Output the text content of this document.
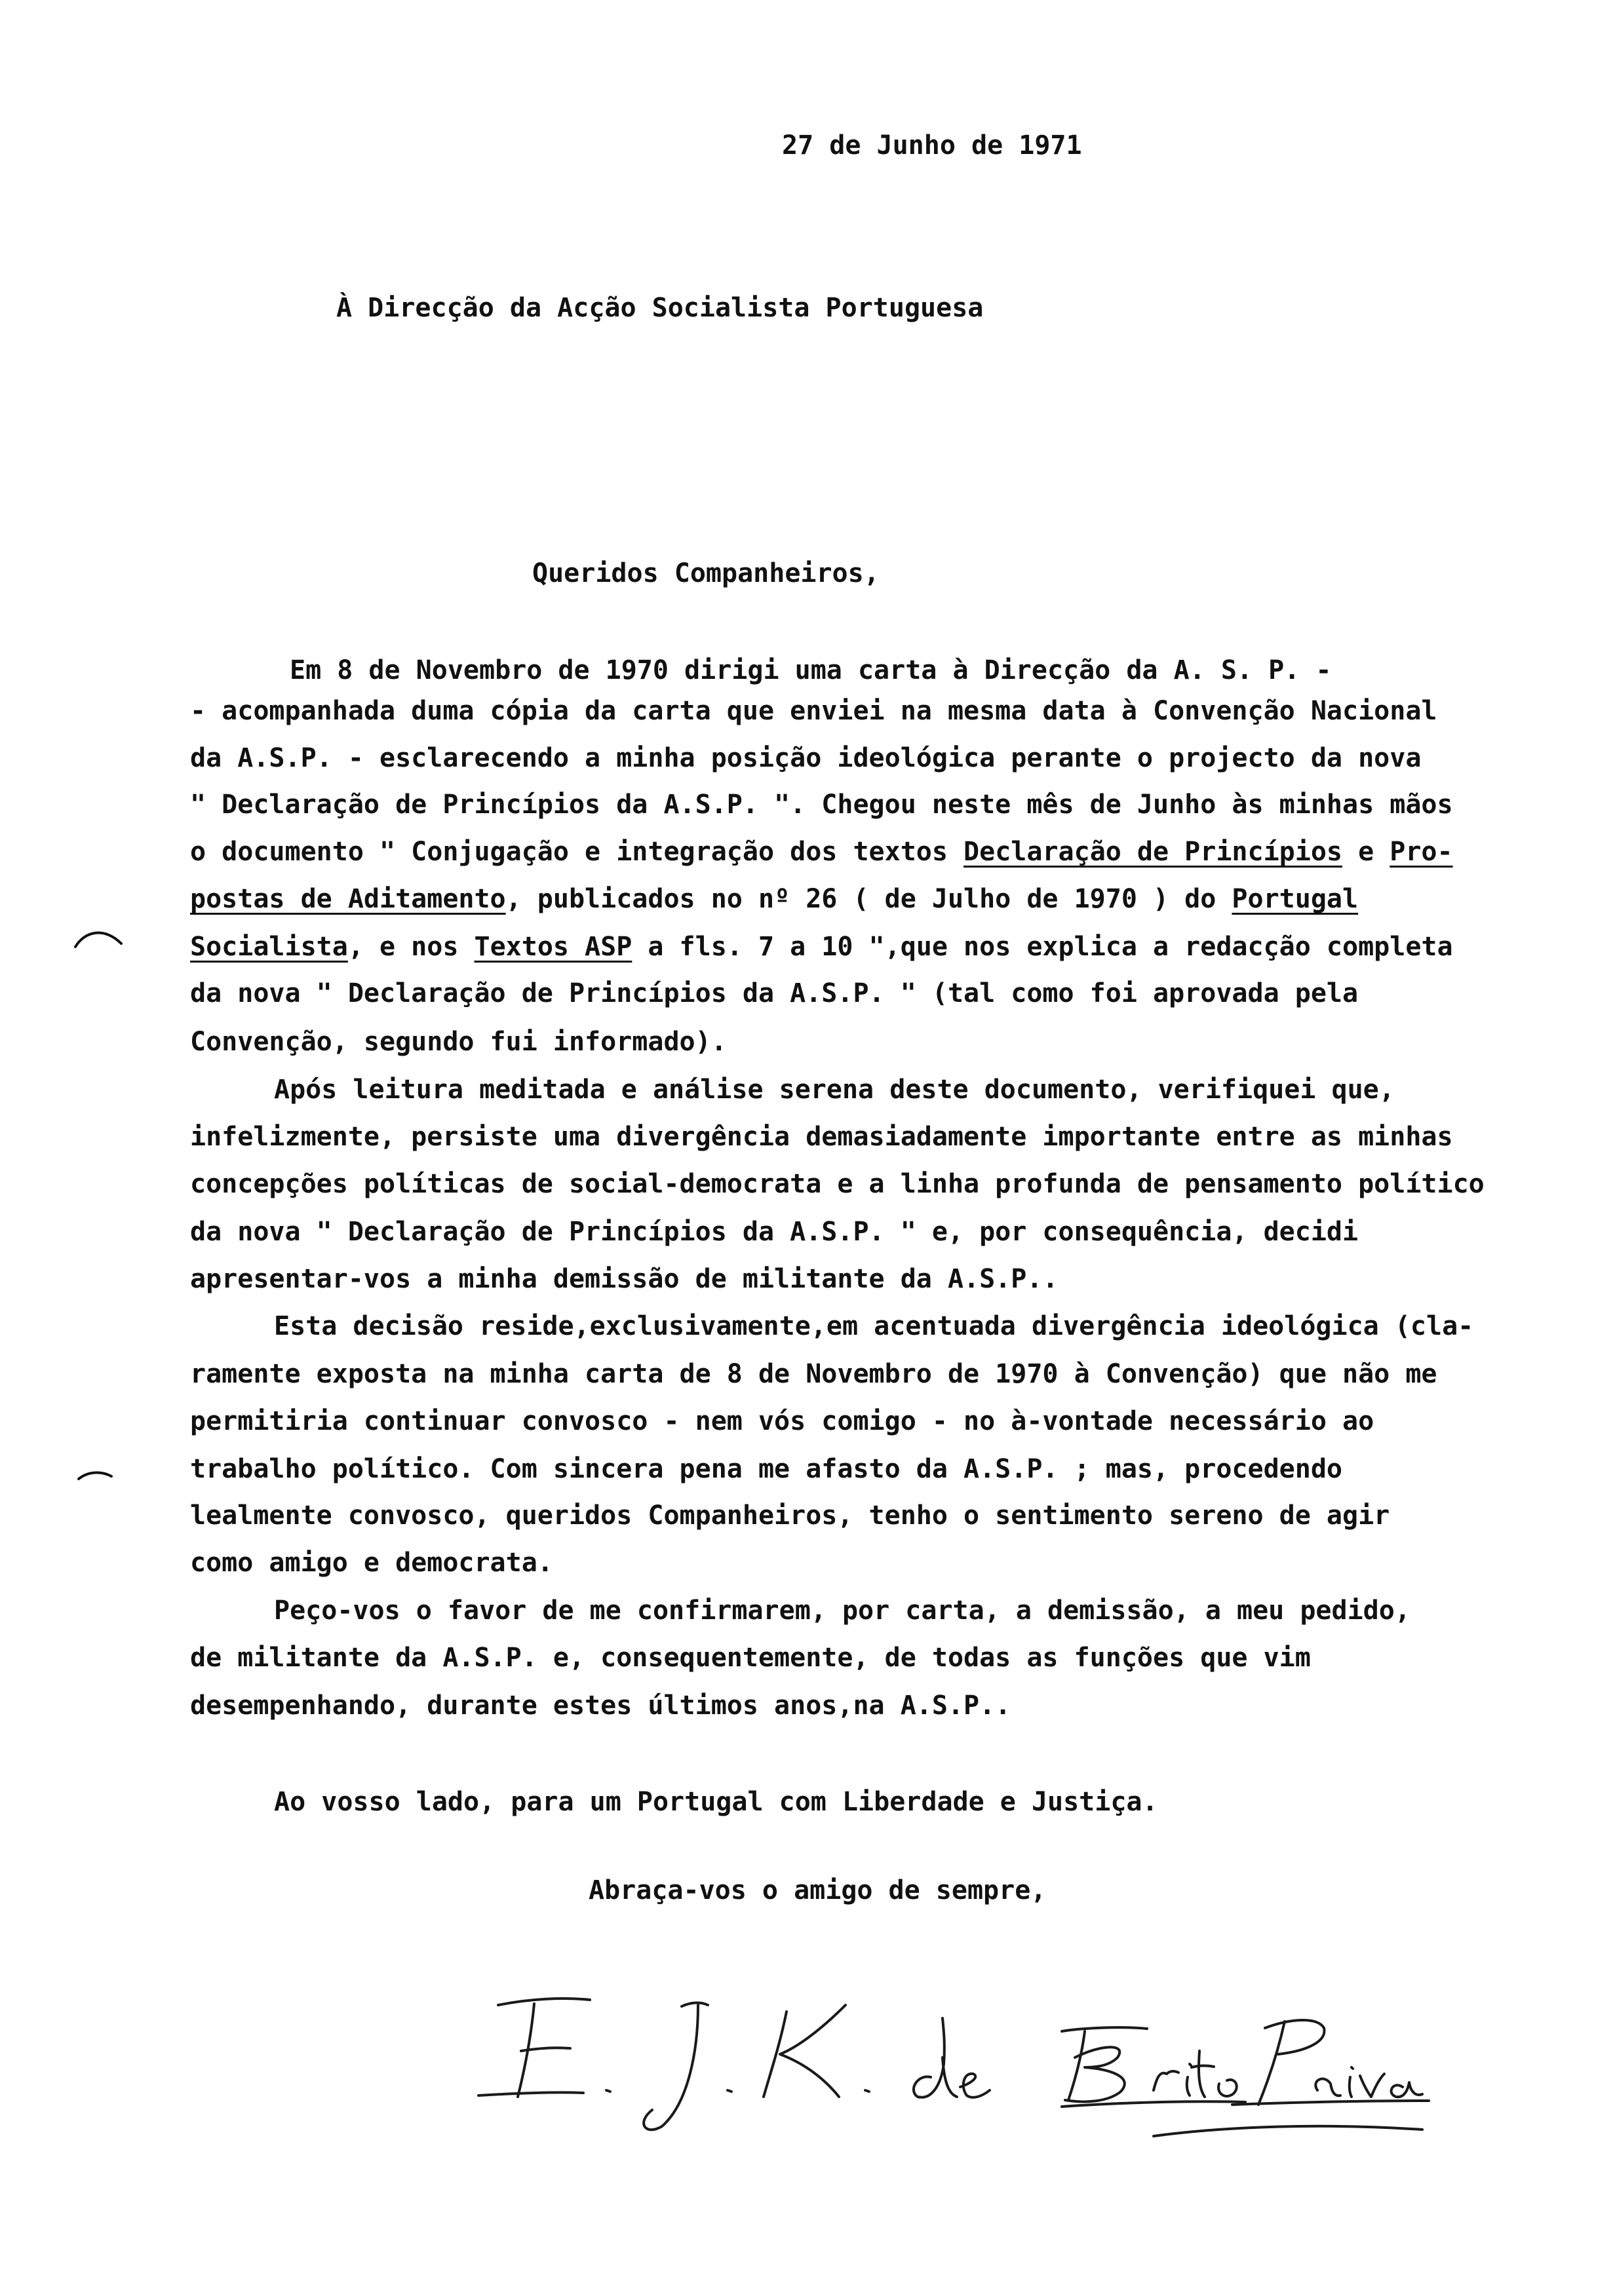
27 de Junho de 1971
À Direcção da Acção Socialista Portuguesa
Queridos Companheiros,
Em 8 de Novembro de 1970 dirigi uma carta à Direcção da A. S. P. -
- acompanhada duma cópia da carta que enviei na mesma data à Convenção Nacional
da A.S.P. - esclarecendo a minha posição ideológica perante o projecto da nova
" Declaração de Princípios da A.S.P. ". Chegou neste mês de Junho às minhas mãos
o documento " Conjugação e integração dos textos Declaração de Princípios e Pro-
postas de Aditamento, publicados no nº 26 ( de Julho de 1970 ) do Portugal
Socialista, e nos Textos ASP a fls. 7 a 10 ",que nos explica a redacção completa
da nova " Declaração de Princípios da A.S.P. " (tal como foi aprovada pela
Convenção, segundo fui informado).
Após leitura meditada e análise serena deste documento, verifiquei que,
infelizmente, persiste uma divergência demasiadamente importante entre as minhas
concepções políticas de social-democrata e a linha profunda de pensamento político
da nova " Declaração de Princípios da A.S.P. " e, por consequência, decidi
apresentar-vos a minha demissão de militante da A.S.P..
Esta decisão reside,exclusivamente,em acentuada divergência ideológica (cla-
ramente exposta na minha carta de 8 de Novembro de 1970 à Convenção) que não me
permitiria continuar convosco - nem vós comigo - no à-vontade necessário ao
trabalho político. Com sincera pena me afasto da A.S.P. ; mas, procedendo
lealmente convosco, queridos Companheiros, tenho o sentimento sereno de agir
como amigo e democrata.
Peço-vos o favor de me confirmarem, por carta, a demissão, a meu pedido,
de militante da A.S.P. e, consequentemente, de todas as funções que vim
desempenhando, durante estes últimos anos,na A.S.P..
Ao vosso lado, para um Portugal com Liberdade e Justiça.
Abraça-vos o amigo de sempre,
